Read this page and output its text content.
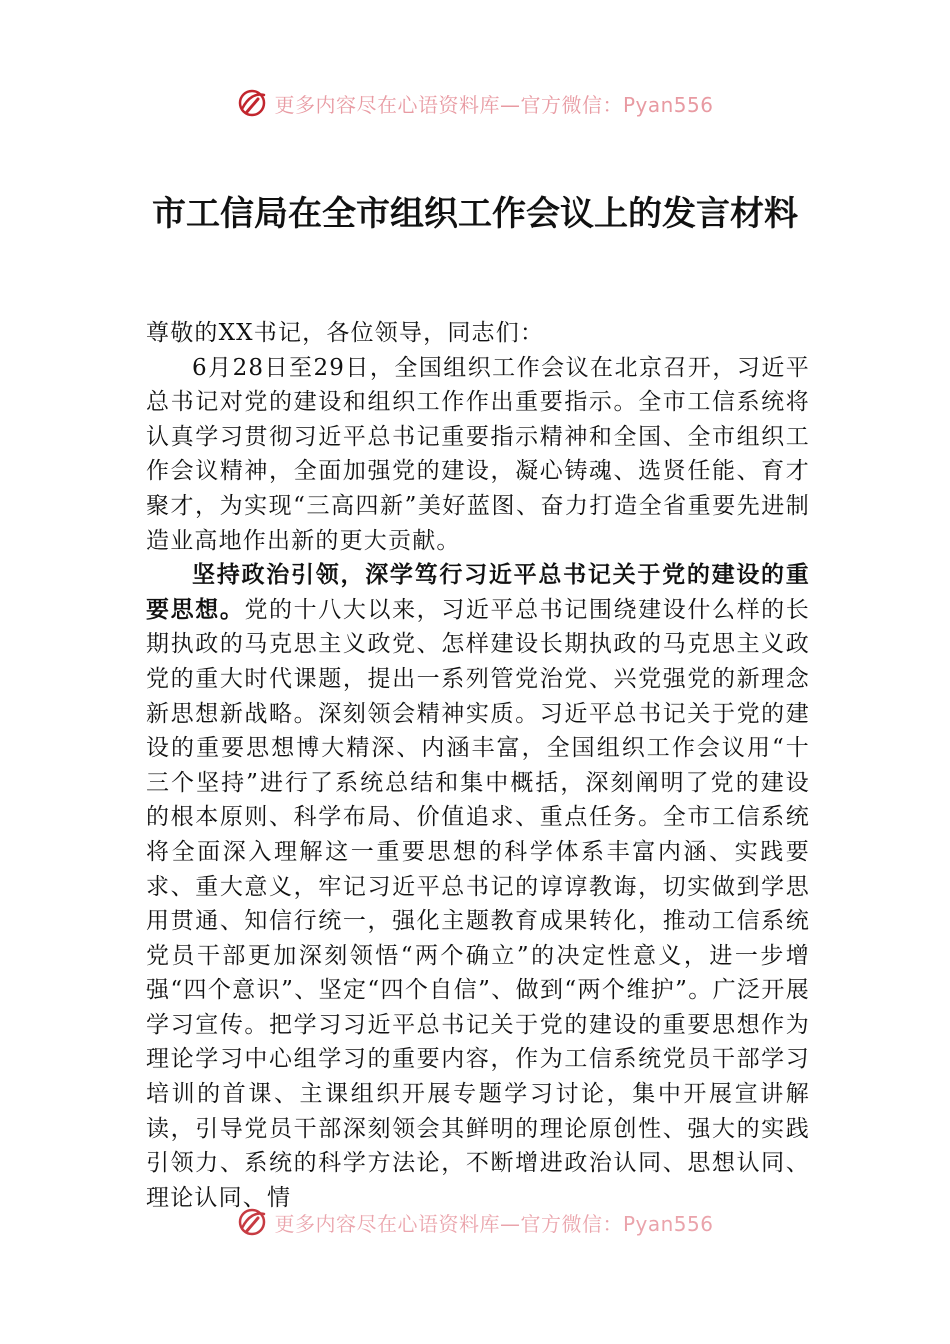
更多内容尽在心语资料库—官方微信：Pyan556
市工信局在全市组织工作会议上的发言材料

尊敬的XX书记，各位领导，同志们：

6月28日至29日，全国组织工作会议在北京召开，习近平总书记对党的建设和组织工作作出重要指示。全市工信系统将认真学习贯彻习近平总书记重要指示精神和全国、全市组织工作会议精神，全面加强党的建设，凝心铸魂、选贤任能、育才聚才，为实现“三高四新”美好蓝图、奋力打造全省重要先进制造业高地作出新的更大贡献。

坚持政治引领，深学笃行习近平总书记关于党的建设的重要思想。党的十八大以来，习近平总书记围绕建设什么样的长期执政的马克思主义政党、怎样建设长期执政的马克思主义政党的重大时代课题，提出一系列管党治党、兴党强党的新理念新思想新战略。深刻领会精神实质。习近平总书记关于党的建设的重要思想博大精深、内涵丰富，全国组织工作会议用“十三个坚持”进行了系统总结和集中概括，深刻阐明了党的建设的根本原则、科学布局、价值追求、重点任务。全市工信系统将全面深入理解这一重要思想的科学体系丰富内涵、实践要求、重大意义，牢记习近平总书记的谆谆教诲，切实做到学思用贯通、知信行统一，强化主题教育成果转化，推动工信系统党员干部更加深刻领悟“两个确立”的决定性意义，进一步增强“四个意识”、坚定“四个自信”、做到“两个维护”。广泛开展学习宣传。把学习习近平总书记关于党的建设的重要思想作为理论学习中心组学习的重要内容，作为工信系统党员干部学习培训的首课、主课组织开展专题学习讨论，集中开展宣讲解读，引导党员干部深刻领会其鲜明的理论原创性、强大的实践引领力、系统的科学方法论，不断增进政治认同、思想认同、理论认同、情

更多内容尽在心语资料库—官方微信：Pyan556
